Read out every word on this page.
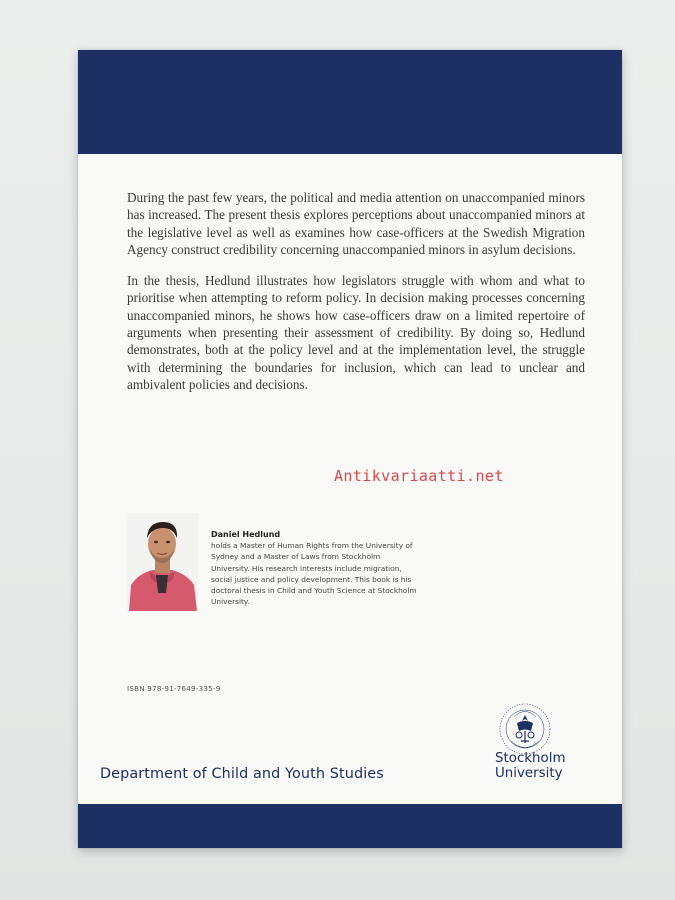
During the past few years, the political and media attention on unaccompanied minors has increased. The present thesis explores perceptions about unaccompanied minors at the legislative level as well as examines how case-officers at the Swedish Migration Agency construct credibility concerning unaccompanied minors in asylum decisions.

In the thesis, Hedlund illustrates how legislators struggle with whom and what to prioritise when attempting to reform policy. In decision making processes concerning unaccompanied minors, he shows how case-officers draw on a limited repertoire of arguments when presenting their assessment of credibility. By doing so, Hedlund demonstrates, both at the policy level and at the implementation level, the struggle with determining the boundaries for inclusion, which can lead to unclear and ambivalent policies and decisions.

Daniel Hedlund
holds a Master of Human Rights from the University of Sydney and a Master of Laws from Stockholm University. His research interests include migration, social justice and policy development. This book is his doctoral thesis in Child and Youth Science at Stockholm University.
ISBN 978-91-7649-335-9
Stockholm
University
Department of Child and Youth Studies
Antikvariaatti.net
